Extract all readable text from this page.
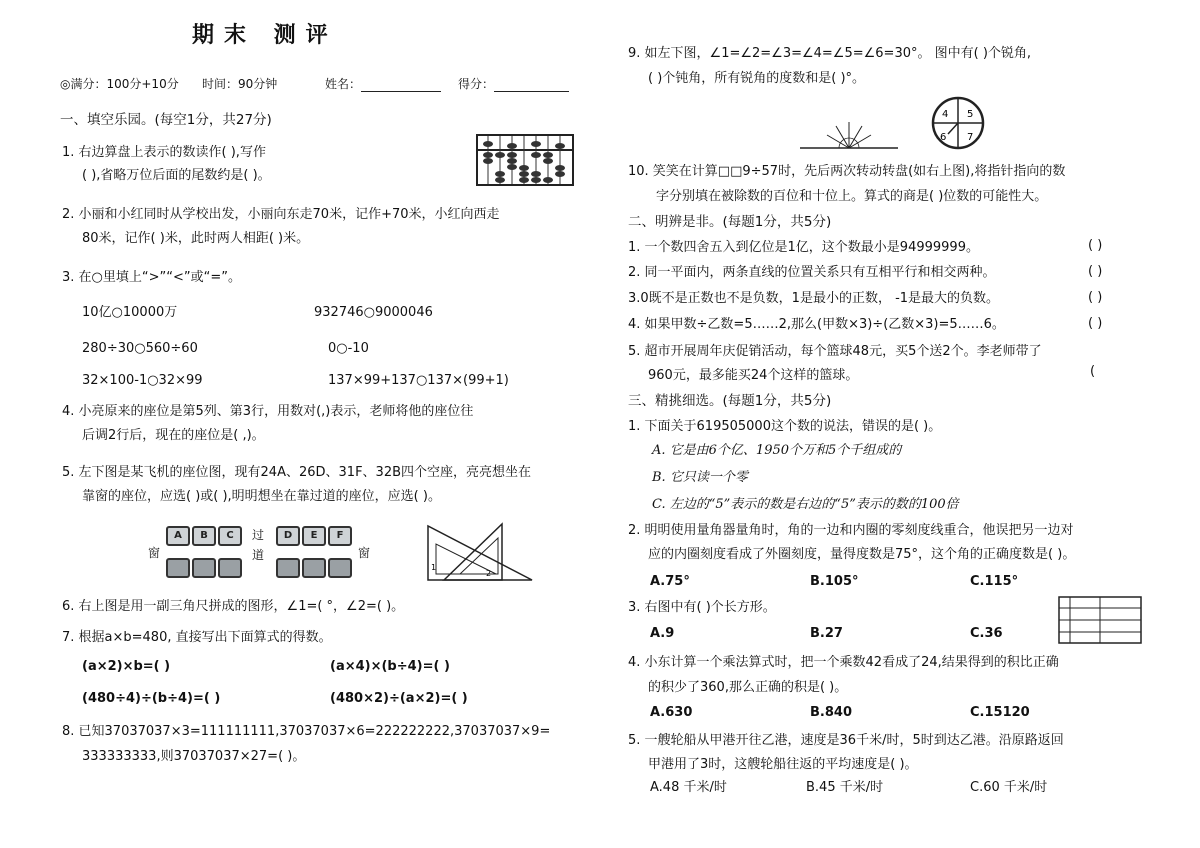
期末 测评
◎满分：100分+10分 时间：90分钟	姓名：	得分：
一、填空乐园。(每空1分，共27分)
1. 右边算盘上表示的数读作( ),写作
( ),省略万位后面的尾数约是( )。
2. 小丽和小红同时从学校出发，小丽向东走70米，记作+70米，小红向西走
80米，记作( )米，此时两人相距( )米。
3. 在○里填上“>”“<”或“=”。
10亿○10000万	932746○9000046
280÷30○560÷60	0○-10
32×100-1○32×99	137×99+137○137×(99+1)
4. 小亮原来的座位是第5列、第3行，用数对(,)表示，老师将他的座位往
后调2行后，现在的座位是( ,)。
5. 左下图是某飞机的座位图，现有24A、26D、31F、32B四个空座，亮亮想坐在
靠窗的座位，应选( )或( ),明明想坐在靠过道的座位，应选( )。
窗
A	B	C	过
道
D	E	F
窗
1
2
6. 右上图是用一副三角尺拼成的图形，∠1=( °，∠2=( )。
7. 根据a×b=480, 直接写出下面算式的得数。
(a×2)×b=( )	(a×4)×(b÷4)=( )
(480÷4)÷(b÷4)=( )	(480×2)÷(a×2)=( )
8. 已知37037037×3=111111111,37037037×6=222222222,37037037×9=
333333333,则37037037×27=( )。
9. 如左下图，∠1=∠2=∠3=∠4=∠5=∠6=30°。 图中有( )个锐角,
( )个钝角，所有锐角的度数和是( )°。
4 5
6 7
10. 笑笑在计算□□9÷57时，先后两次转动转盘(如右上图),将指针指向的数
字分别填在被除数的百位和十位上。算式的商是( )位数的可能性大。
二、明辨是非。(每题1分，共5分)
1. 一个数四舍五入到亿位是1亿，这个数最小是94999999。	( )
2. 同一平面内，两条直线的位置关系只有互相平行和相交两种。	( )
3.0既不是正数也不是负数，1是最小的正数， -1是最大的负数。	( )
4. 如果甲数÷乙数=5……2,那么(甲数×3)÷(乙数×3)=5……6。	( )
5. 超市开展周年庆促销活动，每个篮球48元，买5个送2个。李老师带了
960元，最多能买24个这样的篮球。	(
三、精挑细选。(每题1分，共5分)
1. 下面关于619505000这个数的说法，错误的是( )。
A. 它是由6个亿、1950个万和5个千组成的
B. 它只读一个零
C. 左边的“5”表示的数是右边的“5”表示的数的100倍
2. 明明使用量角器量角时，角的一边和内圈的零刻度线重合，他误把另一边对
应的内圈刻度看成了外圈刻度，量得度数是75°，这个角的正确度数是( )。
A.75°	B.105°	C.115°
3. 右图中有( )个长方形。
A.9	B.27	C.36
4. 小东计算一个乘法算式时，把一个乘数42看成了24,结果得到的积比正确
的积少了360,那么正确的积是( )。
A.630	B.840	C.15120
5. 一艘轮船从甲港开往乙港，速度是36千米/时，5时到达乙港。沿原路返回
甲港用了3时，这艘轮船往返的平均速度是( )。
A.48 千米/时	B.45 千米/时	C.60 千米/时
